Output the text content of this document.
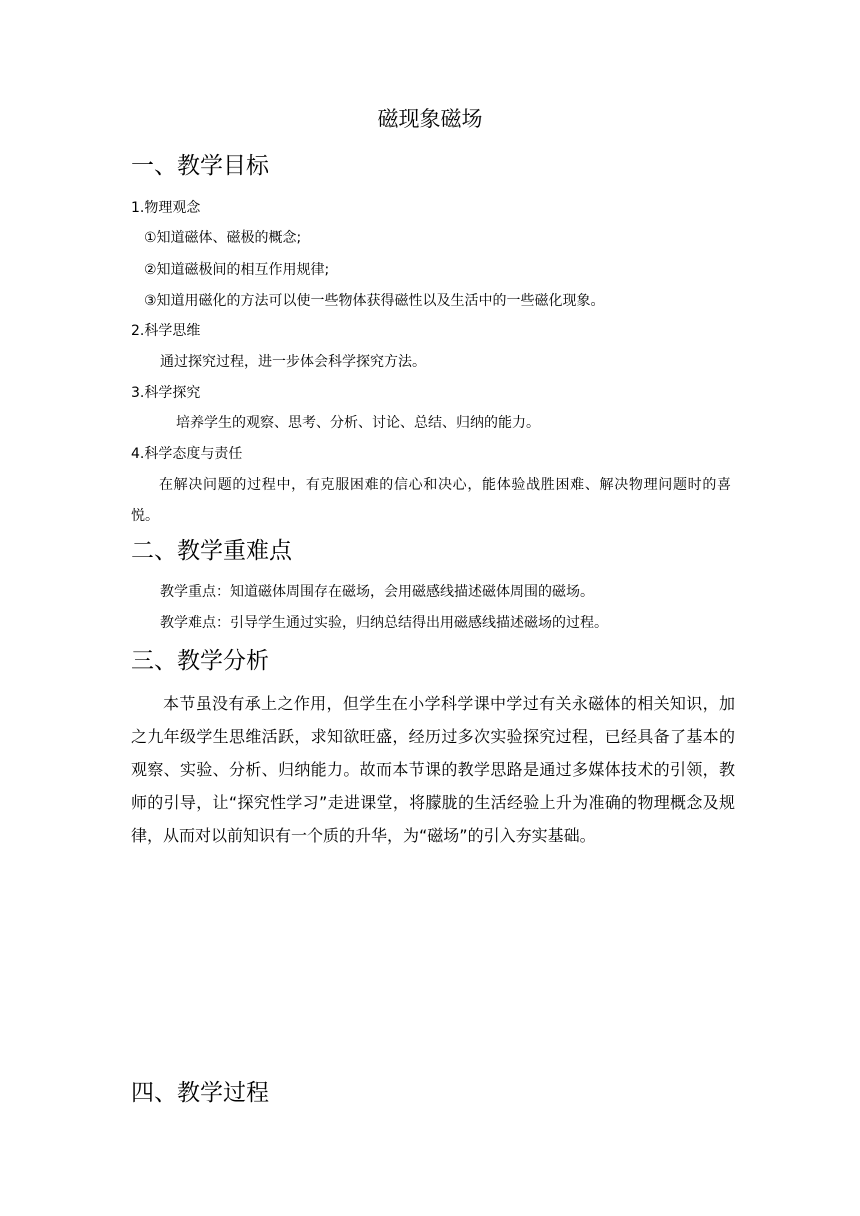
磁现象磁场
一、教学目标
1.物理观念
①知道磁体、磁极的概念;
②知道磁极间的相互作用规律;
③知道用磁化的方法可以使一些物体获得磁性以及生活中的一些磁化现象。
2.科学思维
通过探究过程，进一步体会科学探究方法。
3.科学探究
培养学生的观察、思考、分析、讨论、总结、归纳的能力。
4.科学态度与责任
在解决问题的过程中，有克服困难的信心和决心，能体验战胜困难、解决物理问题时的喜悦。
二、教学重难点
教学重点：知道磁体周围存在磁场，会用磁感线描述磁体周围的磁场。
教学难点：引导学生通过实验，归纳总结得出用磁感线描述磁场的过程。
三、教学分析
本节虽没有承上之作用，但学生在小学科学课中学过有关永磁体的相关知识，加之九年级学生思维活跃，求知欲旺盛，经历过多次实验探究过程，已经具备了基本的观察、实验、分析、归纳能力。故而本节课的教学思路是通过多媒体技术的引领，教师的引导，让“探究性学习”走进课堂，将朦胧的生活经验上升为准确的物理概念及规律，从而对以前知识有一个质的升华，为“磁场”的引入夯实基础。
四、教学过程
